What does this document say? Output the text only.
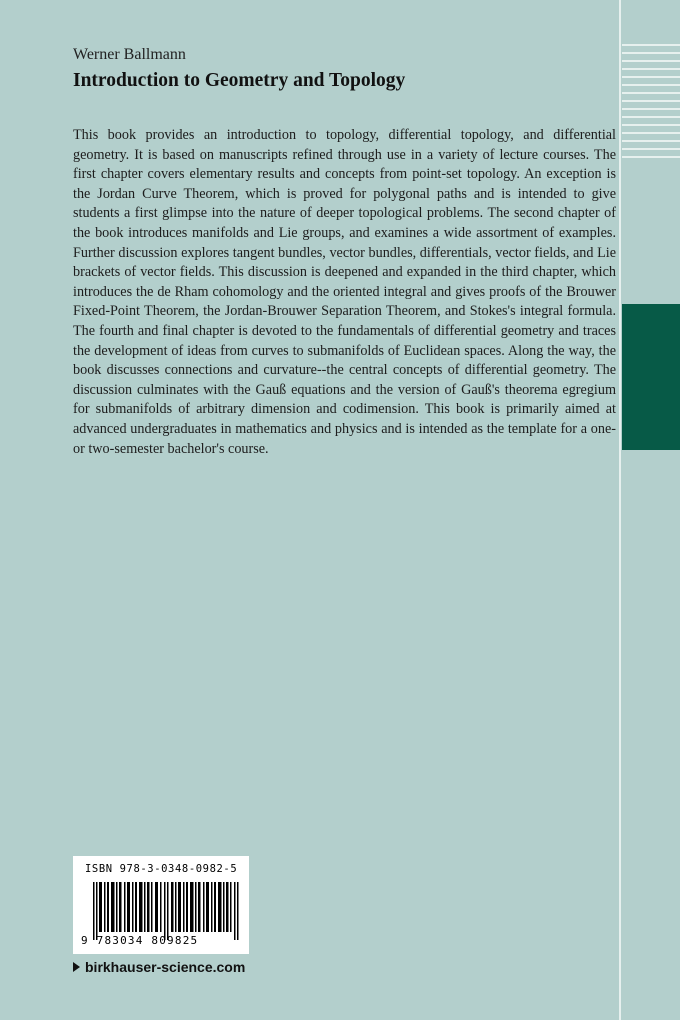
Werner Ballmann
Introduction to Geometry and Topology

This book provides an introduction to topology, differential topology, and differential geometry. It is based on manuscripts refined through use in a variety of lecture courses. The first chapter covers elementary results and concepts from point-set topology. An exception is the Jordan Curve Theorem, which is proved for polygonal paths and is intended to give students a first glimpse into the nature of deeper topological problems. The second chapter of the book introduces manifolds and Lie groups, and examines a wide assortment of examples. Further discussion explores tangent bundles, vector bundles, differentials, vector fields, and Lie brackets of vector fields. This discussion is deepened and expanded in the third chapter, which introduces the de Rham cohomology and the oriented integral and gives proofs of the Brouwer Fixed-Point Theorem, the Jordan-Brouwer Separation Theorem, and Stokes's integral formula. The fourth and final chapter is devoted to the fundamentals of differential geometry and traces the development of ideas from curves to submanifolds of Euclidean spaces. Along the way, the book discusses connections and curvature--the central concepts of differential geometry. The discussion culminates with the Gauß equations and the version of Gauß's theorema egregium for submanifolds of arbitrary dimension and codimension. This book is primarily aimed at advanced undergraduates in mathematics and physics and is intended as the template for a one- or two-semester bachelor's course.

ISBN 978-3-0348-0982-5
9 783034 809825
birkhauser-science.com
